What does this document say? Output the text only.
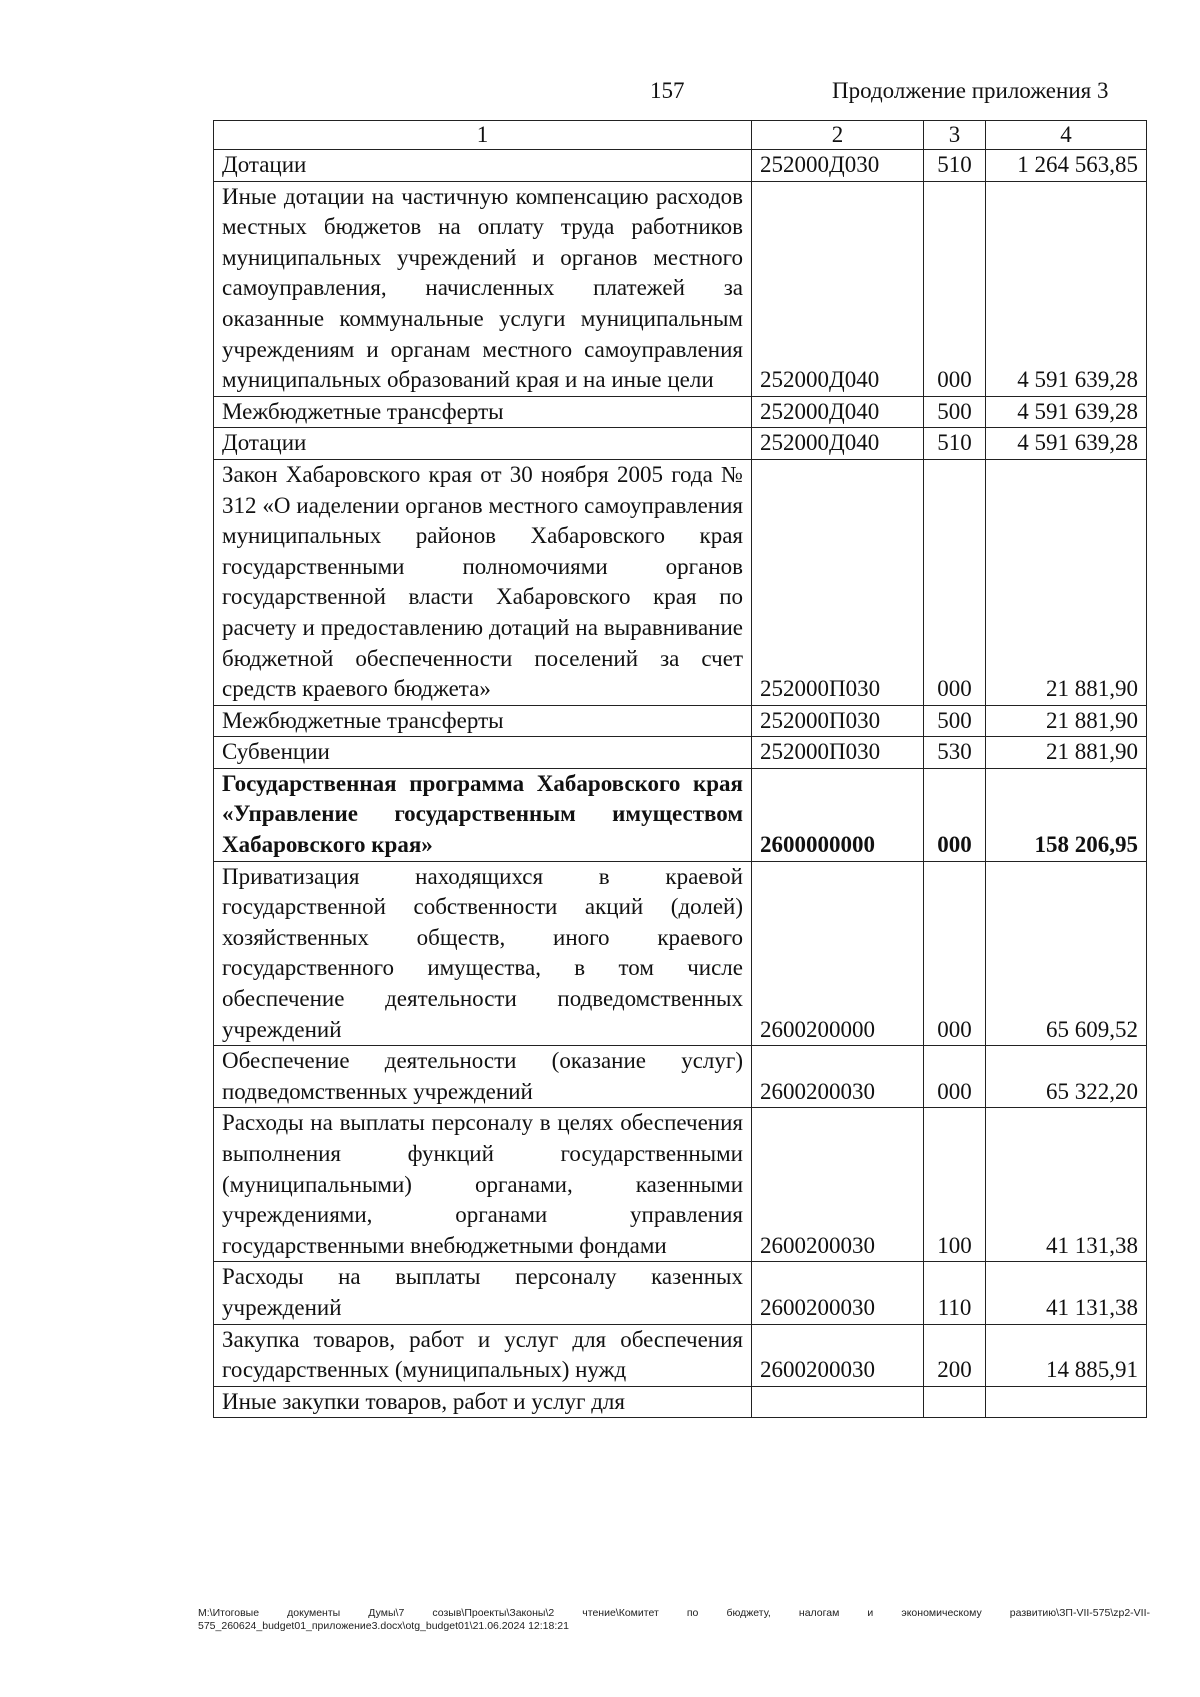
157	Продолжение приложения 3
1	2	3	4
Дотации	252000Д030	510	1 264 563,85
Иные дотации на частичную компенсацию расходов местных бюджетов на оплату труда работников муниципальных учреждений и органов местного самоуправления, начисленных платежей за оказанные коммунальные услуги муниципальным учреждениям и органам местного самоуправления муниципальных образований края и на иные цели	252000Д040	000	4 591 639,28
Межбюджетные трансферты	252000Д040	500	4 591 639,28
Дотации	252000Д040	510	4 591 639,28
Закон Хабаровского края от 30 ноября 2005 года № 312 «О иаделении органов местного самоуправления муниципальных районов Хабаровского края государственными полномочиями органов государственной власти Хабаровского края по расчету и предоставлению дотаций на выравнивание бюджетной обеспеченности поселений за счет средств краевого бюджета»	252000П030	000	21 881,90
Межбюджетные трансферты	252000П030	500	21 881,90
Субвенции	252000П030	530	21 881,90
Государственная программа Хабаровского края «Управление государственным имуществом Хабаровского края»	2600000000	000	158 206,95
Приватизация находящихся в краевой государственной собственности акций (долей) хозяйственных обществ, иного краевого государственного имущества, в том числе обеспечение деятельности подведомственных учреждений	2600200000	000	65 609,52
Обеспечение деятельности (оказание услуг) подведомственных учреждений	2600200030	000	65 322,20
Расходы на выплаты персоналу в целях обеспечения выполнения функций государственными (муниципальными) органами, казенными учреждениями, органами управления государственными внебюджетными фондами	2600200030	100	41 131,38
Расходы на выплаты персоналу казенных учреждений	2600200030	110	41 131,38
Закупка товаров, работ и услуг для обеспечения государственных (муниципальных) нужд	2600200030	200	14 885,91
Иные закупки товаров, работ и услуг для			
M:\Итоговые документы Думы\7 созыв\Проекты\Законы\2 чтение\Комитет по бюджету, налогам и экономическому развитию\ЗП-VII-575\zp2-VII-575_260624_budget01_приложение3.docx\otg_budget01\21.06.2024 12:18:21
